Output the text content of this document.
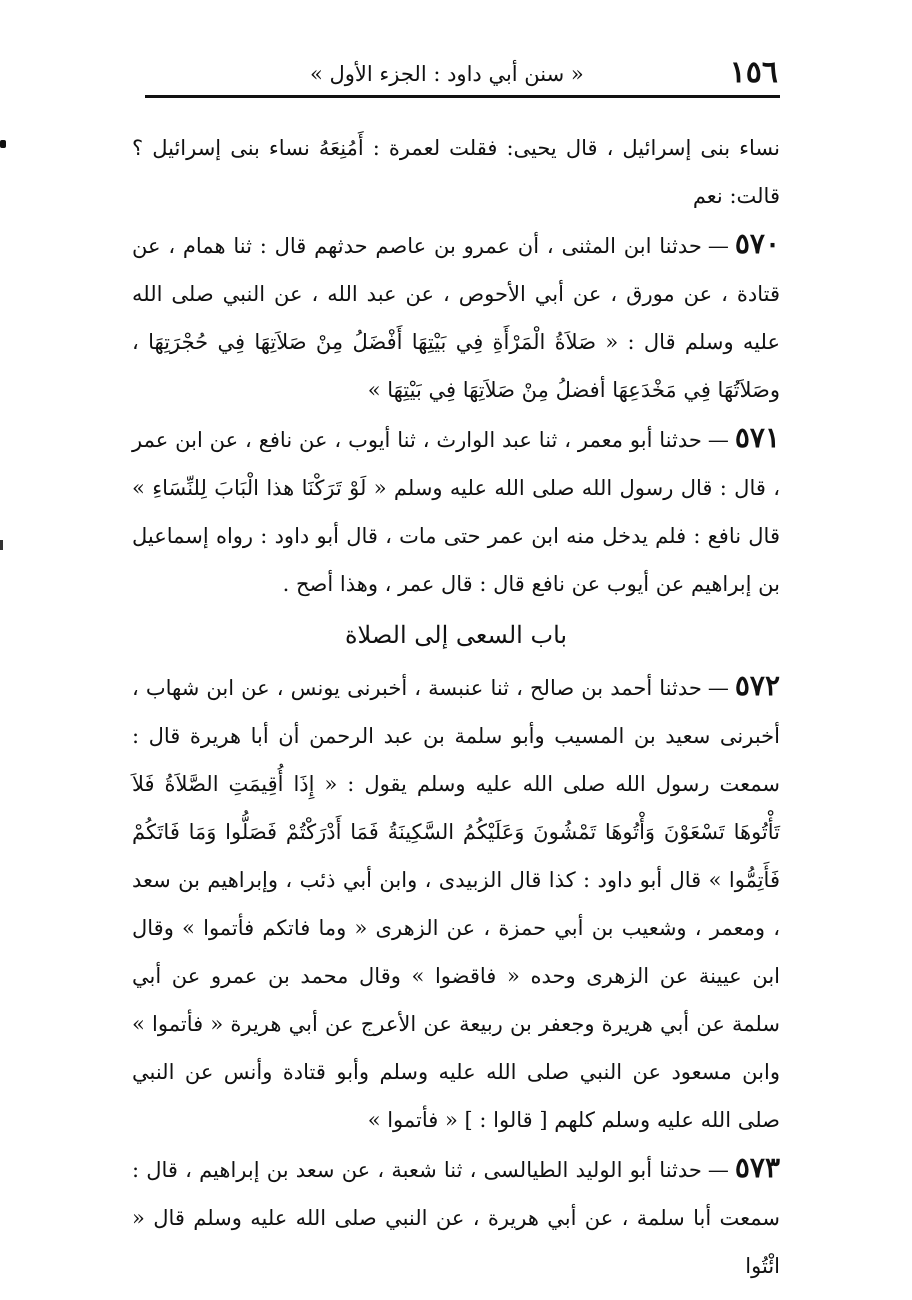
١٥٦
« سنن أبي داود : الجزء الأول »

نساء بنى إسرائيل ، قال يحيى: فقلت لعمرة : أَمُنِعَهُ نساء بنى إسرائيل ؟ قالت: نعم

٥٧٠—حدثنا ابن المثنى ، أن عمرو بن عاصم حدثهم قال : ثنا همام ، عن قتادة ، عن مورق ، عن أبي الأحوص ، عن عبد الله ، عن النبي صلى الله عليه وسلم قال : « صَلاَةُ الْمَرْأَةِ فِي بَيْتِهَا أَفْضَلُ مِنْ صَلاَتِهَا فِي حُجْرَتِهَا ، وصَلاَتُهَا فِي مَخْدَعِهَا أفضلُ مِنْ صَلاَتِهَا فِي بَيْتِهَا »

٥٧١—حدثنا أبو معمر ، ثنا عبد الوارث ، ثنا أيوب ، عن نافع ، عن ابن عمر ، قال : قال رسول الله صلى الله عليه وسلم « لَوْ تَرَكْنَا هذا الْبَابَ لِلنِّسَاءِ » قال نافع : فلم يدخل منه ابن عمر حتى مات ، قال أبو داود : رواه إسماعيل بن إبراهيم عن أيوب عن نافع قال : قال عمر ، وهذا أصح .

باب السعى إلى الصلاة

٥٧٢—حدثنا أحمد بن صالح ، ثنا عنبسة ، أخبرنى يونس ، عن ابن شهاب ، أخبرنى سعيد بن المسيب وأبو سلمة بن عبد الرحمن أن أبا هريرة قال : سمعت رسول الله صلى الله عليه وسلم يقول : « إِذَا أُقِيمَتِ الصَّلاَةُ فَلاَ تَأْتُوهَا تَسْعَوْنَ وَأْتُوهَا تَمْشُونَ وَعَلَيْكُمُ السَّكِينَةُ فَمَا أَدْرَكْتُمْ فَصَلُّوا وَمَا فَاتَكُمْ فَأَتِمُّوا » قال أبو داود : كذا قال الزبيدى ، وابن أبي ذئب ، وإبراهيم بن سعد ، ومعمر ، وشعيب بن أبي حمزة ، عن الزهرى « وما فاتكم فأتموا » وقال ابن عيينة عن الزهرى وحده « فاقضوا » وقال محمد بن عمرو عن أبي سلمة عن أبي هريرة وجعفر بن ربيعة عن الأعرج عن أبي هريرة « فأتموا » وابن مسعود عن النبي صلى الله عليه وسلم وأبو قتادة وأنس عن النبي صلى الله عليه وسلم كلهم [ قالوا : ] « فأتموا »

٥٧٣—حدثنا أبو الوليد الطيالسى ، ثنا شعبة ، عن سعد بن إبراهيم ، قال : سمعت أبا سلمة ، عن أبي هريرة ، عن النبي صلى الله عليه وسلم قال « ائْتُوا
